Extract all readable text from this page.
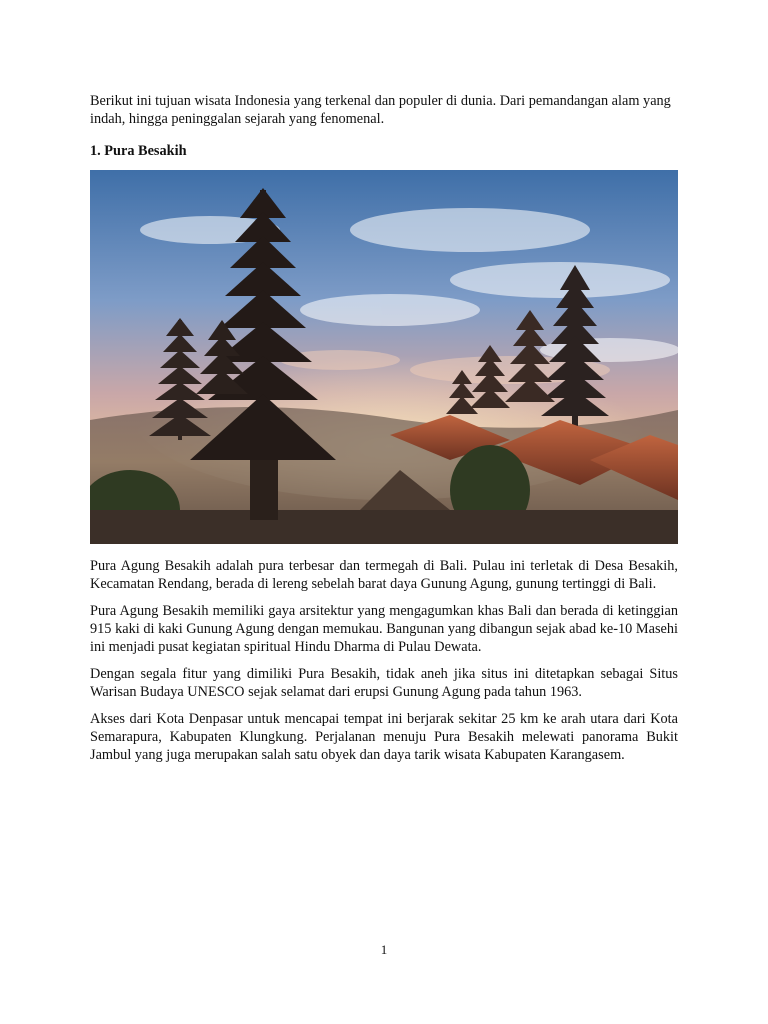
Berikut ini tujuan wisata Indonesia yang terkenal dan populer di dunia. Dari pemandangan alam yang indah, hingga peninggalan sejarah yang fenomenal.

1. Pura Besakih

Pura Agung Besakih adalah pura terbesar dan termegah di Bali. Pulau ini terletak di Desa Besakih, Kecamatan Rendang, berada di lereng sebelah barat daya Gunung Agung, gunung tertinggi di Bali.

Pura Agung Besakih memiliki gaya arsitektur yang mengagumkan khas Bali dan berada di ketinggian 915 kaki di kaki Gunung Agung dengan memukau. Bangunan yang dibangun sejak abad ke-10 Masehi ini menjadi pusat kegiatan spiritual Hindu Dharma di Pulau Dewata.

Dengan segala fitur yang dimiliki Pura Besakih, tidak aneh jika situs ini ditetapkan sebagai Situs Warisan Budaya UNESCO sejak selamat dari erupsi Gunung Agung pada tahun 1963.

Akses dari Kota Denpasar untuk mencapai tempat ini berjarak sekitar 25 km ke arah utara dari Kota Semarapura, Kabupaten Klungkung. Perjalanan menuju Pura Besakih melewati panorama Bukit Jambul yang juga merupakan salah satu obyek dan daya tarik wisata Kabupaten Karangasem.

1
